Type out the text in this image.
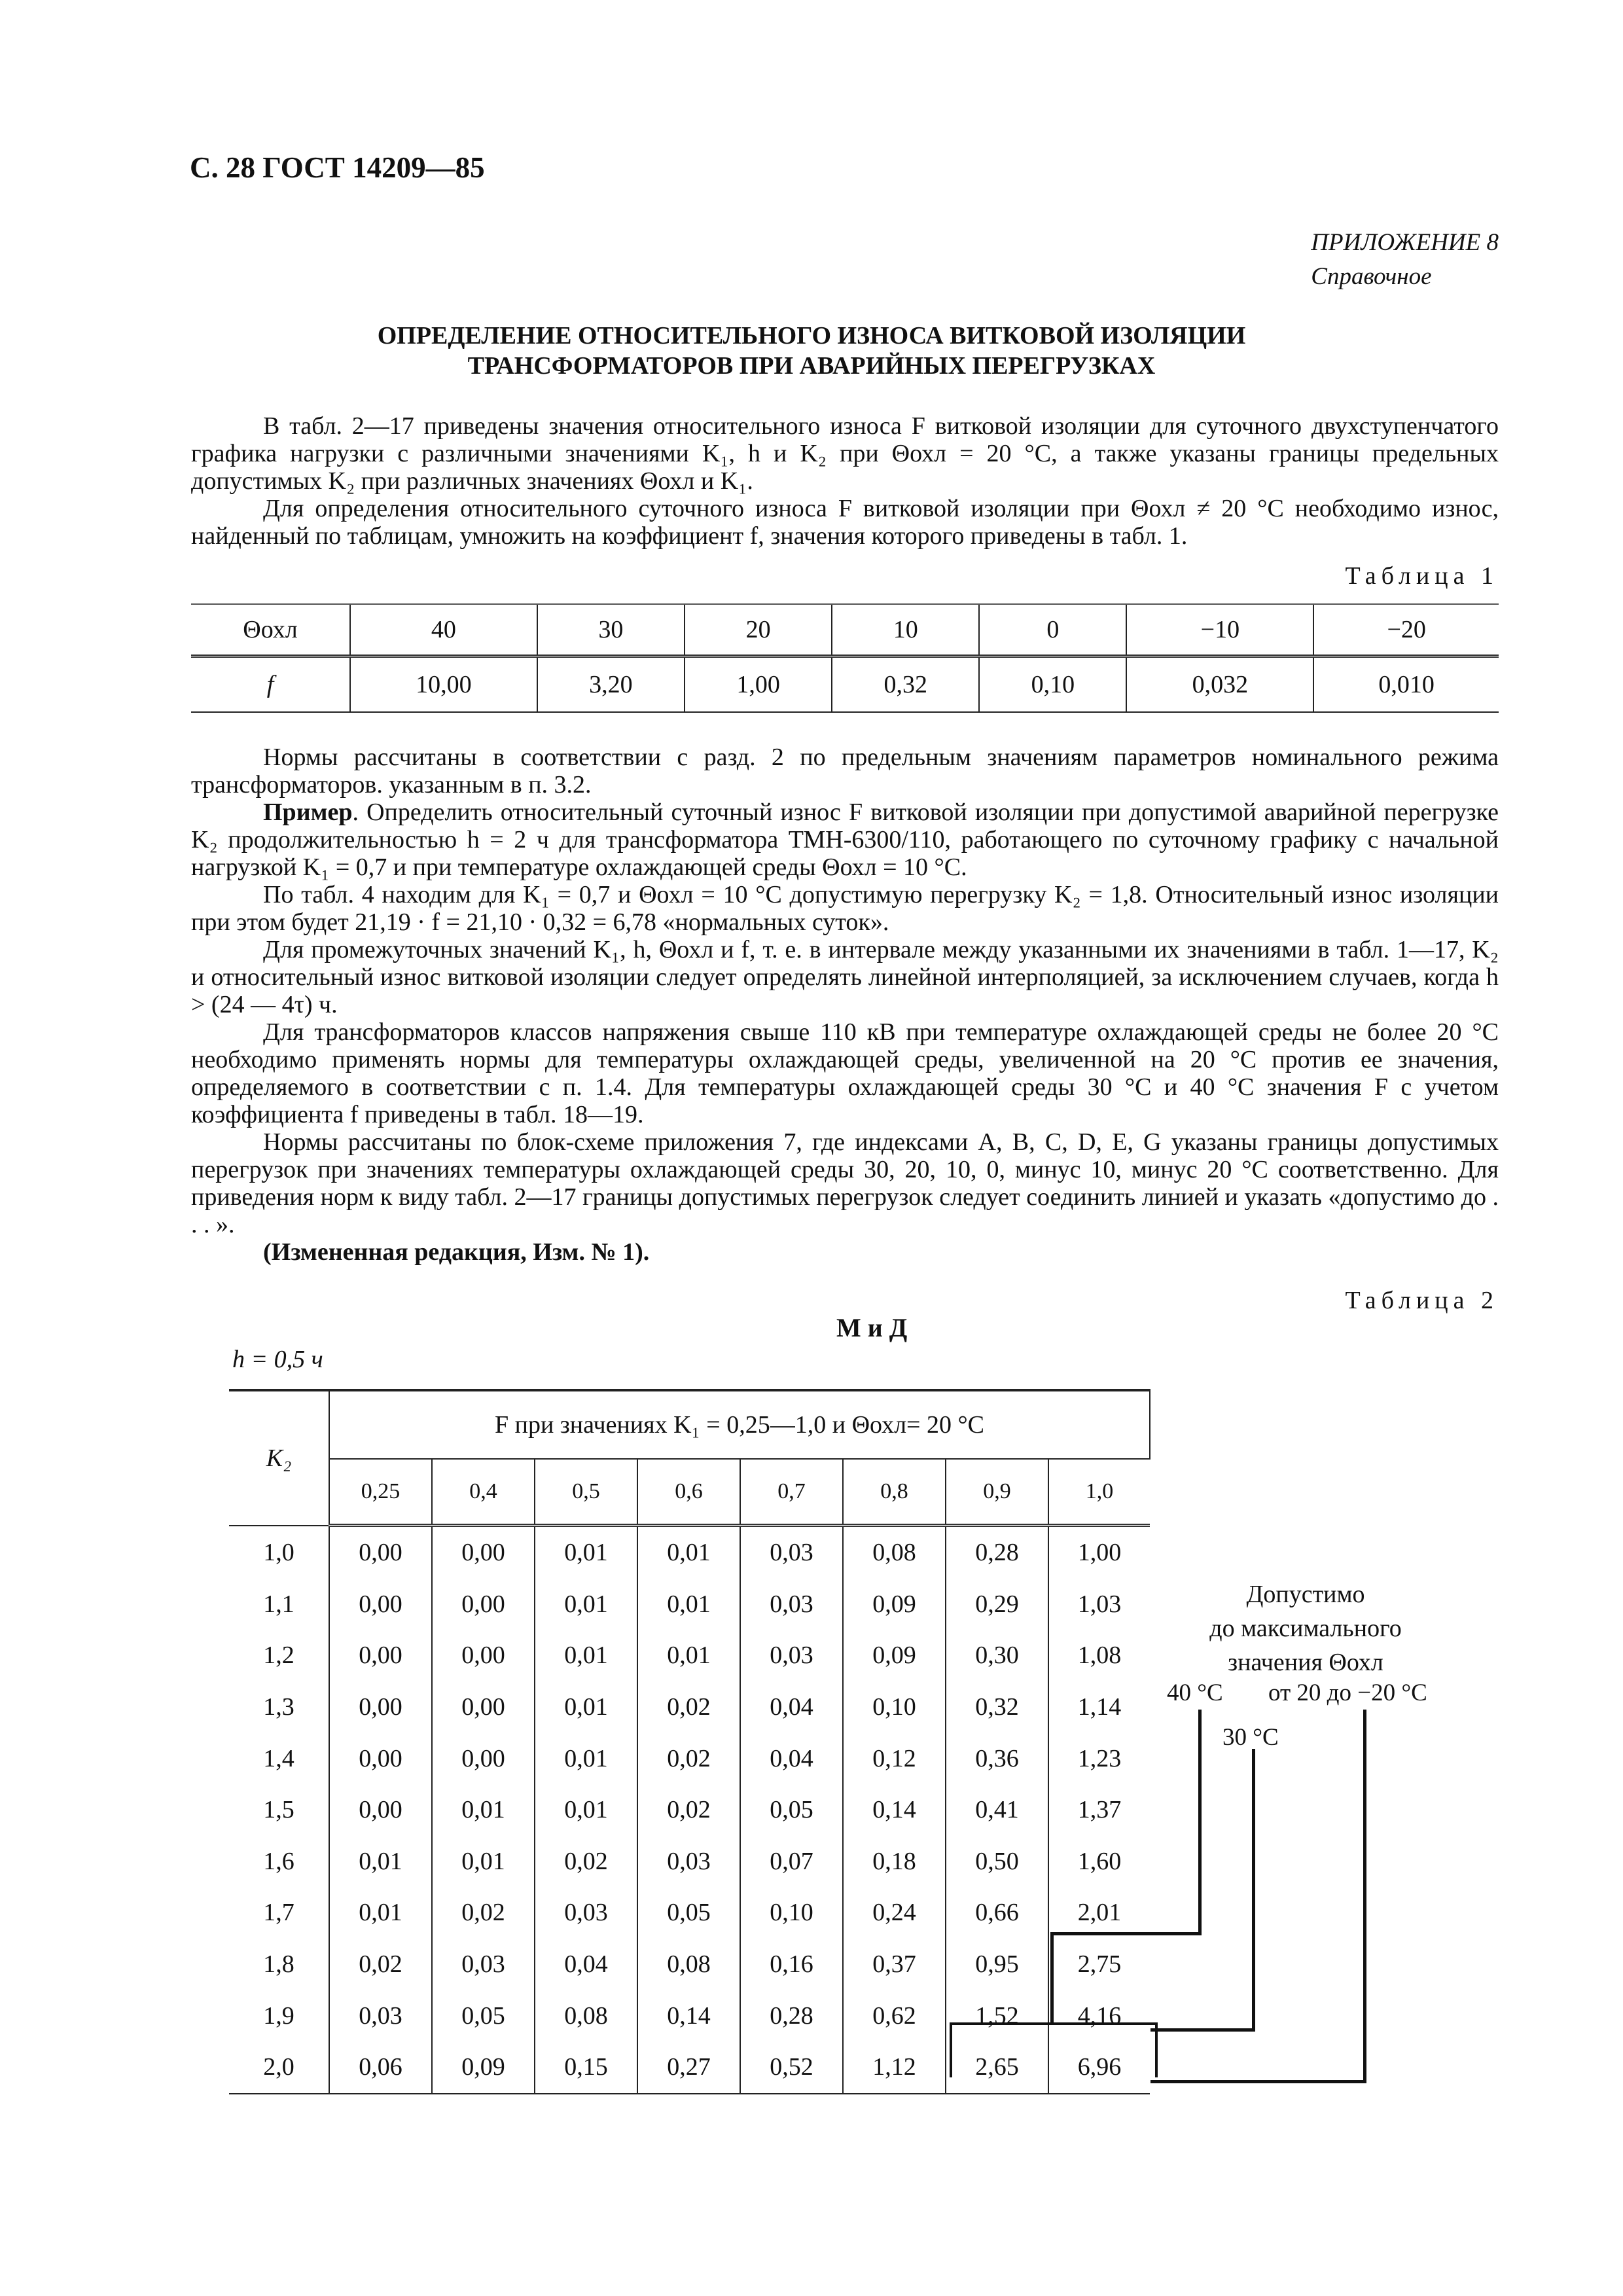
С. 28 ГОСТ 14209—85
ПРИЛОЖЕНИЕ 8
Справочное
ОПРЕДЕЛЕНИЕ ОТНОСИТЕЛЬНОГО ИЗНОСА ВИТКОВОЙ ИЗОЛЯЦИИ
ТРАНСФОРМАТОРОВ ПРИ АВАРИЙНЫХ ПЕРЕГРУЗКАХ

В табл. 2—17 приведены значения относительного износа F витковой изоляции для суточного двухступенчатого графика нагрузки с различными значениями K₁, h и K₂ при Θохл = 20 °С, а также указаны границы предельных допустимых K₂ при различных значениях Θохл и K₁.

Для определения относительного суточного износа F витковой изоляции при Θохл ≠ 20 °С необходимо износ, найденный по таблицам, умножить на коэффициент f, значения которого приведены в табл. 1.

Таблица 1
Θохл	40	30	20	10	0	−10	−20
f	10,00	3,20	1,00	0,32	0,10	0,032	0,010

Нормы рассчитаны в соответствии с разд. 2 по предельным значениям параметров номинального режима трансформаторов. указанным в п. 3.2.

Пример. Определить относительный суточный износ F витковой изоляции при допустимой аварийной перегрузке K₂ продолжительностью h = 2 ч для трансформатора ТМН-6300/110, работающего по суточному графику с начальной нагрузкой K₁ = 0,7 и при температуре охлаждающей среды Θохл = 10 °С.

По табл. 4 находим для K₁ = 0,7 и Θохл = 10 °С допустимую перегрузку K₂ = 1,8. Относительный износ изоляции при этом будет 21,19 · f = 21,10 · 0,32 = 6,78 «нормальных суток».

Для промежуточных значений K₁, h, Θохл и f, т. е. в интервале между указанными их значениями в табл. 1—17, K₂ и относительный износ витковой изоляции следует определять линейной интерполяцией, за исключением случаев, когда h > (24 — 4τ) ч.

Для трансформаторов классов напряжения свыше 110 кВ при температуре охлаждающей среды не более 20 °С необходимо применять нормы для температуры охлаждающей среды, увеличенной на 20 °С против ее значения, определяемого в соответствии с п. 1.4. Для температуры охлаждающей среды 30 °С и 40 °С значения F с учетом коэффициента f приведены в табл. 18—19.

Нормы рассчитаны по блок-схеме приложения 7, где индексами A, B, C, D, E, G указаны границы допустимых перегрузок при значениях температуры охлаждающей среды 30, 20, 10, 0, минус 10, минус 20 °С соответственно. Для приведения норм к виду табл. 2—17 границы допустимых перегрузок следует соединить линией и указать «допустимо до . . . ».

(Измененная редакция, Изм. № 1).

Таблица 2
М и Д
h = 0,5 ч
K₂	F при значениях K₁ = 0,25—1,0 и Θохл= 20 °С							
	0,25	0,4	0,5	0,6	0,7	0,8	0,9	1,0
1,0	0,00	0,00	0,01	0,01	0,03	0,08	0,28	1,00
1,1	0,00	0,00	0,01	0,01	0,03	0,09	0,29	1,03
1,2	0,00	0,00	0,01	0,01	0,03	0,09	0,30	1,08
1,3	0,00	0,00	0,01	0,02	0,04	0,10	0,32	1,14
1,4	0,00	0,00	0,01	0,02	0,04	0,12	0,36	1,23
1,5	0,00	0,01	0,01	0,02	0,05	0,14	0,41	1,37
1,6	0,01	0,01	0,02	0,03	0,07	0,18	0,50	1,60
1,7	0,01	0,02	0,03	0,05	0,10	0,24	0,66	2,01
1,8	0,02	0,03	0,04	0,08	0,16	0,37	0,95	2,75
1,9	0,03	0,05	0,08	0,14	0,28	0,62	1,52	4,16
2,0	0,06	0,09	0,15	0,27	0,52	1,12	2,65	6,96
Допустимо
до максимального
значения Θохл
40 °С от 20 до −20 °С
30 °С
